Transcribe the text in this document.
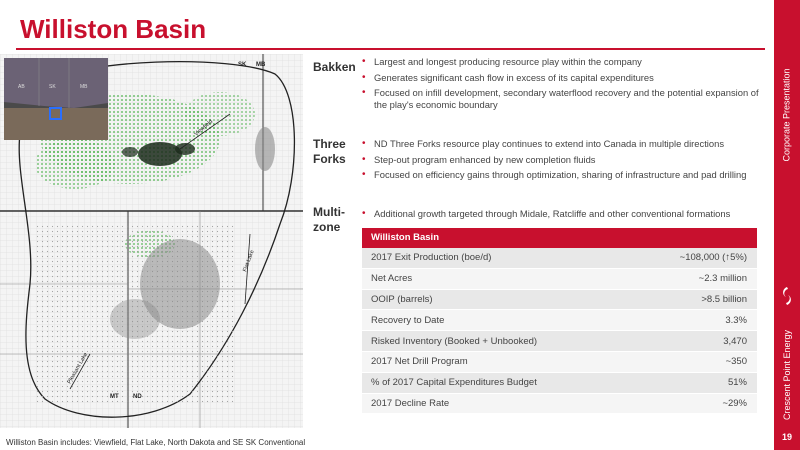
Williston Basin
Corporate Presentation
Crescent Point Energy
19
SK MB
MT ND
Viewfield
Flat Lake
Pleasant Lake
AB	SK	MB
Williston Basin includes: Viewfield, Flat Lake, North Dakota and SE SK Conventional
Bakken • Largest and longest producing resource play within the company
• Generates significant cash flow in excess of its capital expenditures
• Focused on infill development, secondary waterflood recovery and the potential expansion of the play's economic boundary
Three
Forks
• ND Three Forks resource play continues to extend into Canada in multiple directions
• Step-out program enhanced by new completion fluids
• Focused on efficiency gains through optimization, sharing of infrastructure and pad drilling
Multi-
zone
• Additional growth targeted through Midale, Ratcliffe and other conventional formations
Williston Basin
2017 Exit Production (boe/d)	~108,000 (↑5%)
Net Acres	~2.3 million
OOIP (barrels)	>8.5 billion
Recovery to Date	3.3%
Risked Inventory (Booked + Unbooked)	3,470
2017 Net Drill Program	~350
% of 2017 Capital Expenditures Budget	51%
2017 Decline Rate	~29%
